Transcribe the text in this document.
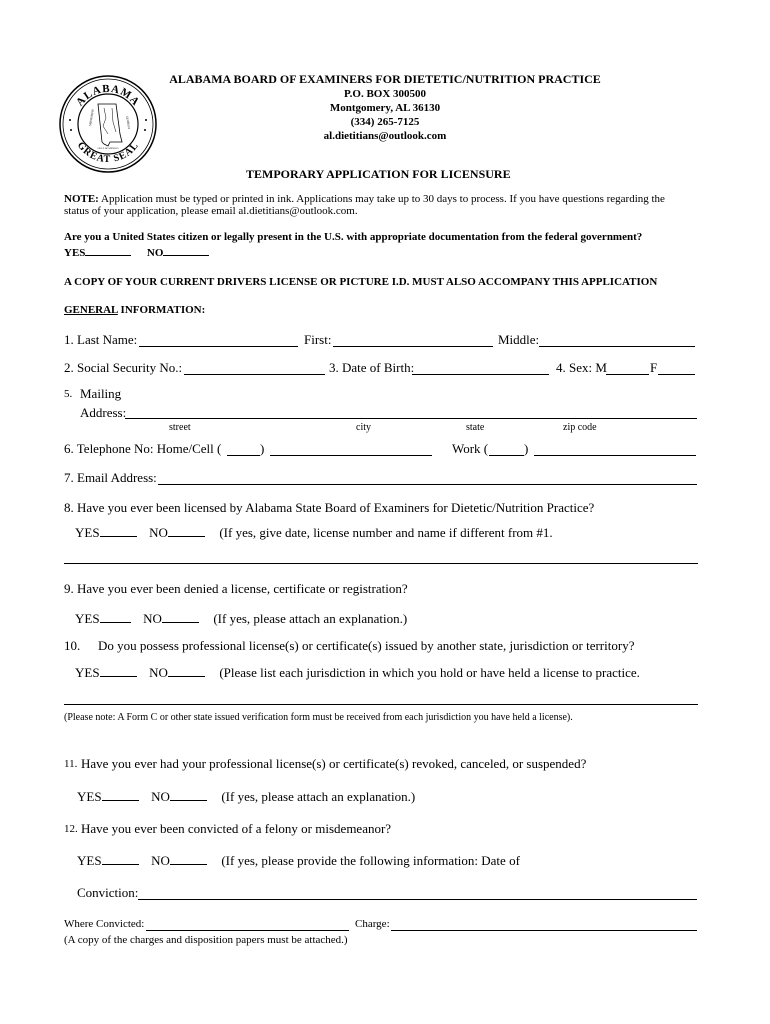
ALABAMA
GREAT SEAL
MISSISSIPPI	GEORGIA
GULF OF MEXICO
ALABAMA BOARD OF EXAMINERS FOR DIETETIC/NUTRITION PRACTICE
P.O. BOX 300500
Montgomery, AL 36130
(334) 265-7125
al.dietitians@outlook.com
TEMPORARY APPLICATION FOR LICENSURE
NOTE: Application must be typed or printed in ink. Applications may take up to 30 days to process. If you have questions regarding the
status of your application, please email al.dietitians@outlook.com.
Are you a United States citizen or legally present in the U.S. with appropriate documentation from the federal government?
YES	NO
A COPY OF YOUR CURRENT DRIVERS LICENSE OR PICTURE I.D. MUST ALSO ACCOMPANY THIS APPLICATION
GENERAL INFORMATION:
1. Last Name:	First:	Middle:
2. Social Security No.:	3. Date of Birth:	4. Sex: M	F
5. Mailing
Address:
street	city	state	zip code
6. Telephone No: Home/Cell (	)	Work (	)
7. Email Address:
8. Have you ever been licensed by Alabama State Board of Examiners for Dietetic/Nutrition Practice?
YES	NO	(If yes, give date, license number and name if different from #1.
9. Have you ever been denied a license, certificate or registration?
YES	NO	(If yes, please attach an explanation.)
10. Do you possess professional license(s) or certificate(s) issued by another state, jurisdiction or territory?
YES	NO	(Please list each jurisdiction in which you hold or have held a license to practice.
(Please note: A Form C or other state issued verification form must be received from each jurisdiction you have held a license).
11. Have you ever had your professional license(s) or certificate(s) revoked, canceled, or suspended?
YES	NO	(If yes, please attach an explanation.)
12. Have you ever been convicted of a felony or misdemeanor?
YES	NO	(If yes, please provide the following information: Date of
Conviction:
Where Convicted:	Charge:
(A copy of the charges and disposition papers must be attached.)
